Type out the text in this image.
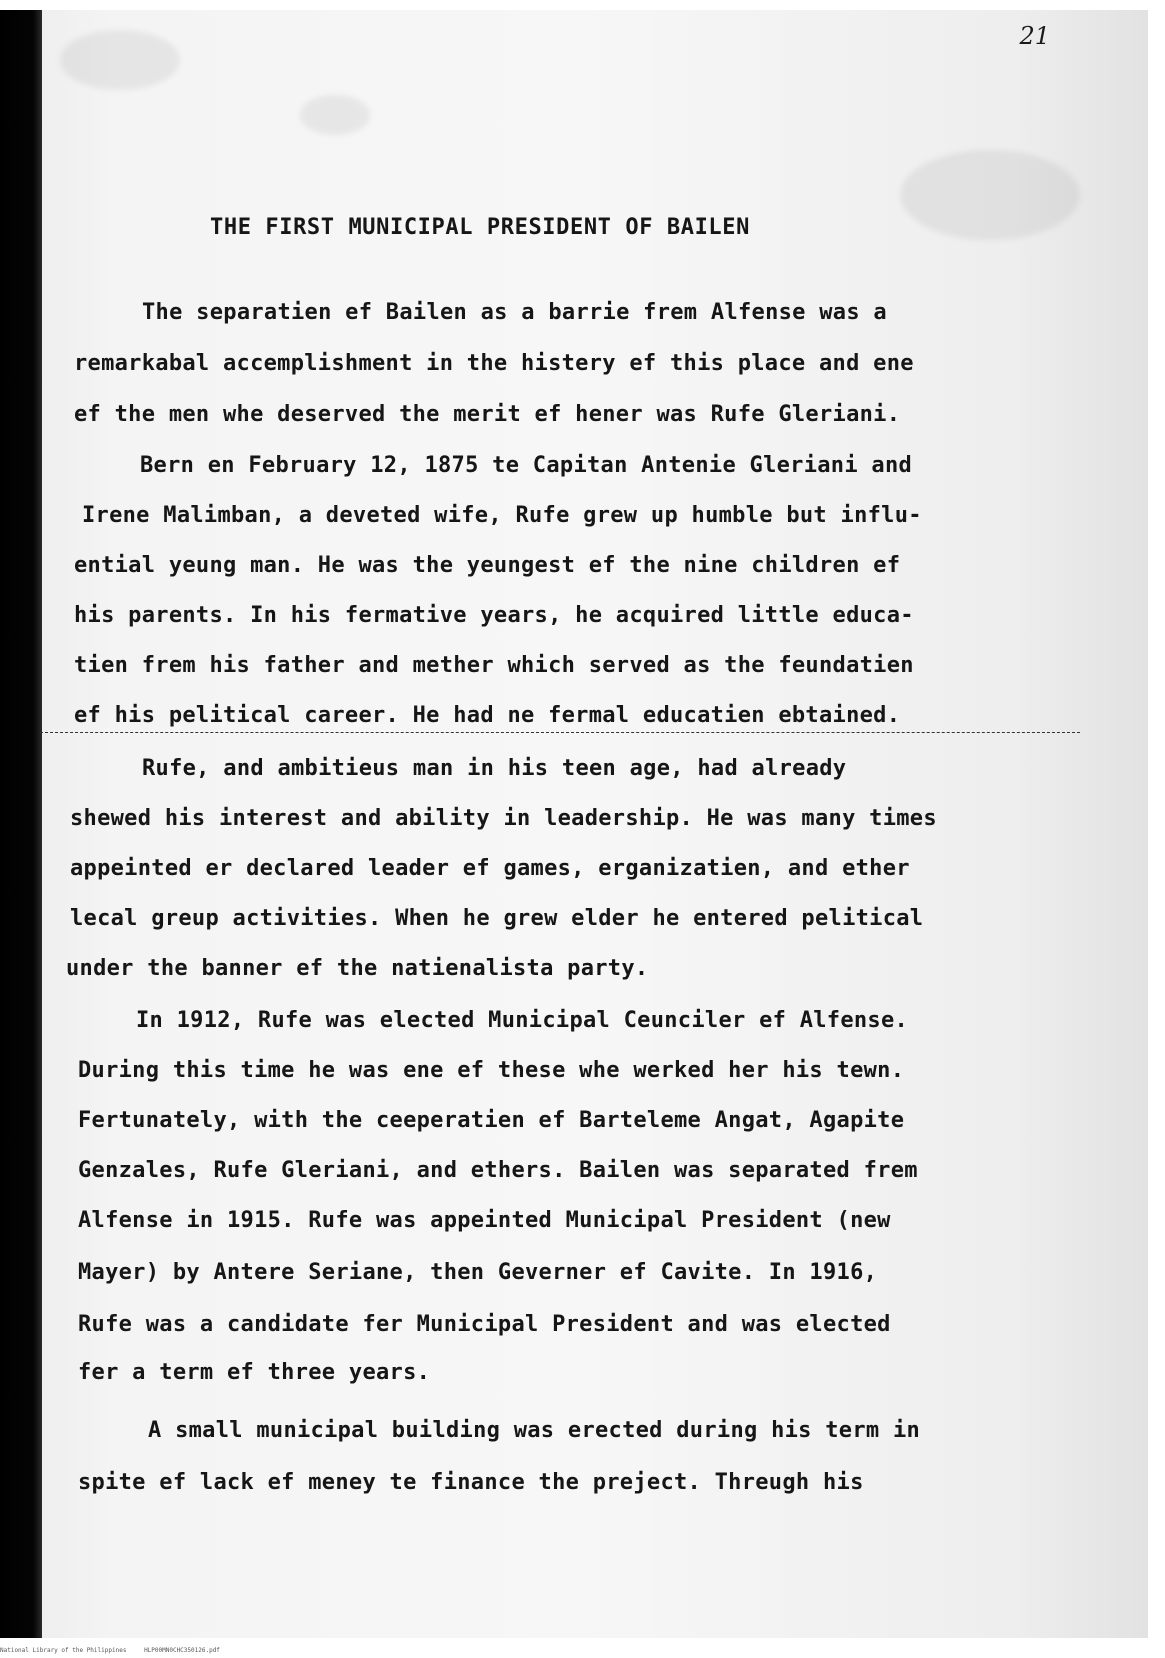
21
THE FIRST MUNICIPAL PRESIDENT OF BAILEN
The separatien ef Bailen as a barrie frem Alfense was a
remarkabal accemplishment in the histery ef this place and ene
ef the men whe deserved the merit ef hener was Rufe Gleriani.
Bern en February 12, 1875 te Capitan Antenie Gleriani and
Irene Malimban, a deveted wife, Rufe grew up humble but influ-
ential yeung man. He was the yeungest ef the nine children ef
his parents. In his fermative years, he acquired little educa-
tien frem his father and mether which served as the feundatien
ef his pelitical career. He had ne fermal educatien ebtained.
Rufe, and ambitieus man in his teen age, had already
shewed his interest and ability in leadership. He was many times
appeinted er declared leader ef games, erganizatien, and ether
lecal greup activities. When he grew elder he entered pelitical
under the banner ef the natienalista party.
In 1912, Rufe was elected Municipal Ceunciler ef Alfense.
During this time he was ene ef these whe werked her his tewn.
Fertunately, with the ceeperatien ef Barteleme Angat, Agapite
Genzales, Rufe Gleriani, and ethers. Bailen was separated frem
Alfense in 1915. Rufe was appeinted Municipal President (new
Mayer) by Antere Seriane, then Geverner ef Cavite. In 1916,
Rufe was a candidate fer Municipal President and was elected
fer a term ef three years.
A small municipal building was erected during his term in
spite ef lack ef meney te finance the preject. Threugh his
National Library of the Philippines	HLP00MN0CHC350126.pdf
